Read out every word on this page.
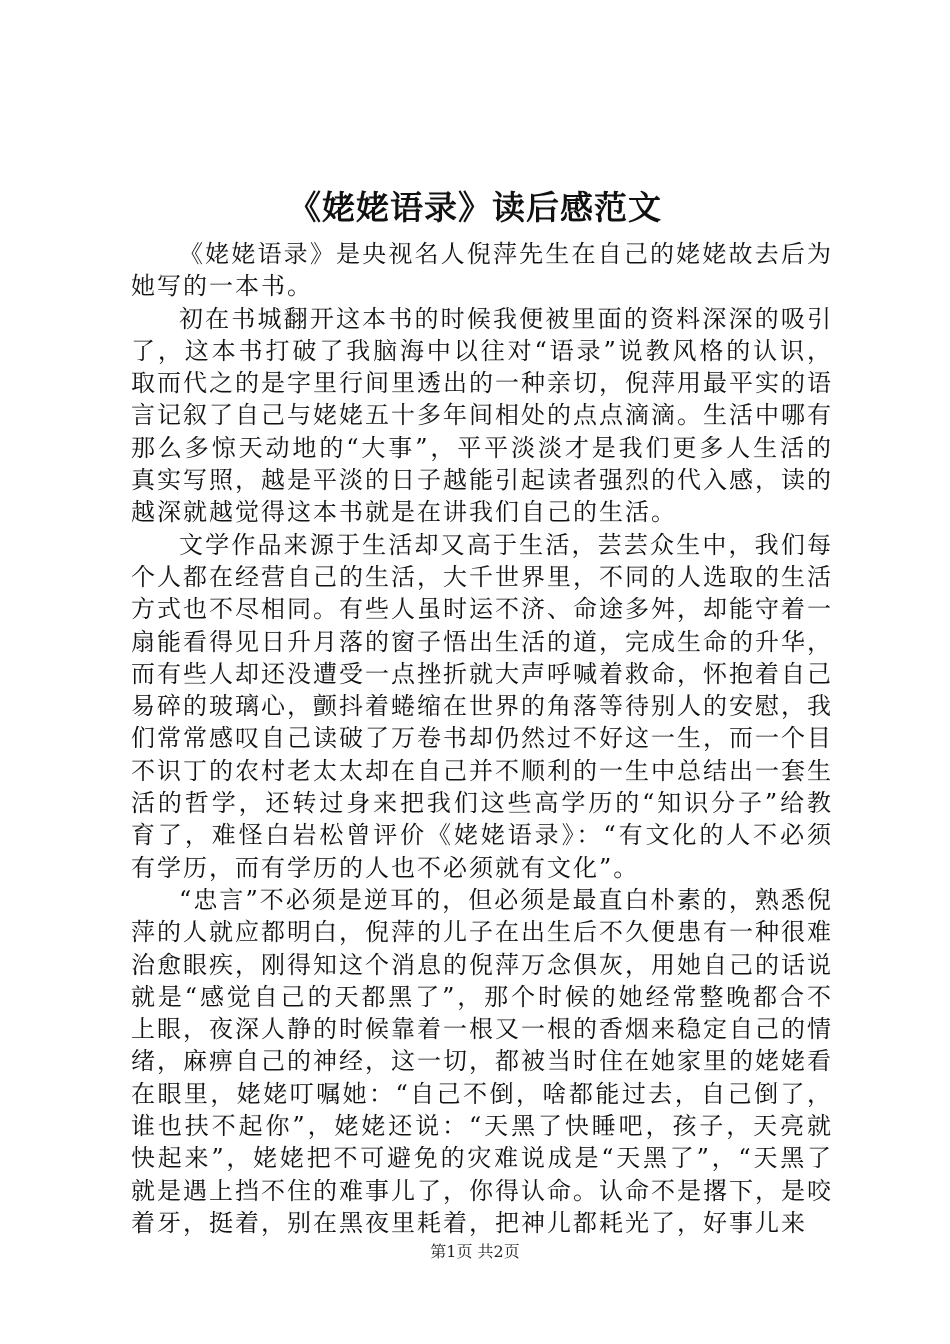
《姥姥语录》读后感范文

《姥姥语录》是央视名人倪萍先生在自己的姥姥故去后为她写的一本书。

初在书城翻开这本书的时候我便被里面的资料深深的吸引了，这本书打破了我脑海中以往对“语录”说教风格的认识，取而代之的是字里行间里透出的一种亲切，倪萍用最平实的语言记叙了自己与姥姥五十多年间相处的点点滴滴。生活中哪有那么多惊天动地的“大事”，平平淡淡才是我们更多人生活的真实写照，越是平淡的日子越能引起读者强烈的代入感，读的越深就越觉得这本书就是在讲我们自己的生活。

文学作品来源于生活却又高于生活，芸芸众生中，我们每个人都在经营自己的生活，大千世界里，不同的人选取的生活方式也不尽相同。有些人虽时运不济、命途多舛，却能守着一扇能看得见日升月落的窗子悟出生活的道，完成生命的升华，而有些人却还没遭受一点挫折就大声呼喊着救命，怀抱着自己易碎的玻璃心，颤抖着蜷缩在世界的角落等待别人的安慰，我们常常感叹自己读破了万卷书却仍然过不好这一生，而一个目不识丁的农村老太太却在自己并不顺利的一生中总结出一套生活的哲学，还转过身来把我们这些高学历的“知识分子”给教育了，难怪白岩松曾评价《姥姥语录》：“有文化的人不必须有学历，而有学历的人也不必须就有文化”。

“忠言”不必须是逆耳的，但必须是最直白朴素的，熟悉倪萍的人就应都明白，倪萍的儿子在出生后不久便患有一种很难治愈眼疾，刚得知这个消息的倪萍万念俱灰，用她自己的话说就是“感觉自己的天都黑了”，那个时候的她经常整晚都合不上眼，夜深人静的时候靠着一根又一根的香烟来稳定自己的情绪，麻痹自己的神经，这一切，都被当时住在她家里的姥姥看在眼里，姥姥叮嘱她：“自己不倒，啥都能过去，自己倒了，谁也扶不起你”，姥姥还说：“天黑了快睡吧，孩子，天亮就快起来”，姥姥把不可避免的灾难说成是“天黑了”，“天黑了就是遇上挡不住的难事儿了，你得认命。认命不是撂下，是咬着牙，挺着，别在黑夜里耗着，把神儿都耗光了，好事儿来

第1页 共2页
